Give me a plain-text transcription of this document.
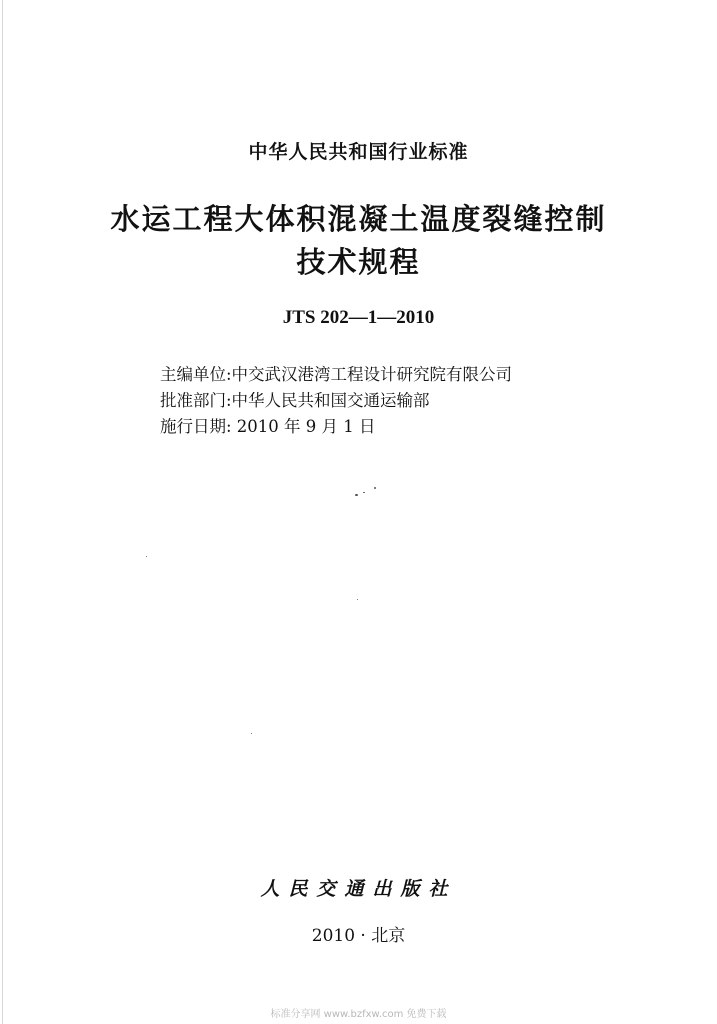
中华人民共和国行业标准
水运工程大体积混凝土温度裂缝控制
技术规程
JTS 202—1—2010
主编单位:中交武汉港湾工程设计研究院有限公司
批准部门:中华人民共和国交通运输部
施行日期: 2010 年 9 月 1 日
人民交通出版社
2010 · 北京
标准分享网 www.bzfxw.com 免费下载
